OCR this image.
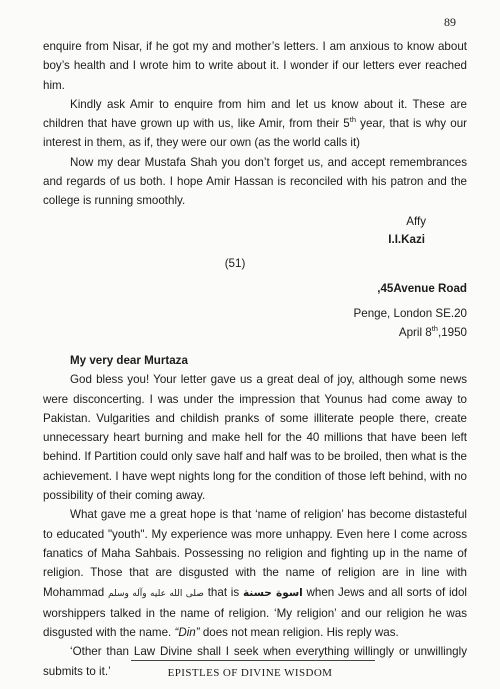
89

enquire from Nisar, if he got my and mother’s letters. I am anxious to know about boy’s health and I wrote him to write about it. I wonder if our letters ever reached him.

Kindly ask Amir to enquire from him and let us know about it. These are children that have grown up with us, like Amir, from their 5th year, that is why our interest in them, as if, they were our own (as the world calls it)

Now my dear Mustafa Shah you don’t forget us, and accept remembrances and regards of us both. I hope Amir Hassan is reconciled with his patron and the college is running smoothly.

Affy
I.I.Kazi
(51)
,45Avenue Road
Penge, London SE.20
April 8th,1950
My very dear Murtaza

God bless you! Your letter gave us a great deal of joy, although some news were disconcerting. I was under the impression that Younus had come away to Pakistan. Vulgarities and childish pranks of some illiterate people there, create unnecessary heart burning and make hell for the 40 millions that have been left behind. If Partition could only save half and half was to be broiled, then what is the achievement. I have wept nights long for the condition of those left behind, with no possibility of their coming away.

What gave me a great hope is that ‘name of religion’ has become distasteful to educated "youth". My experience was more unhappy. Even here I come across fanatics of Maha Sahbais. Possessing no religion and fighting up in the name of religion. Those that are disgusted with the name of religion are in line with Mohammad صلى الله عليه وآله وسلم that is اسوة حسنة when Jews and all sorts of idol worshippers talked in the name of religion. ‘My religion’ and our religion he was disgusted with the name. “Din” does not mean religion. His reply was.

‘Other than Law Divine shall I seek when everything willingly or unwillingly submits to it.’	EPISTLES OF DIVINE WISDOM
